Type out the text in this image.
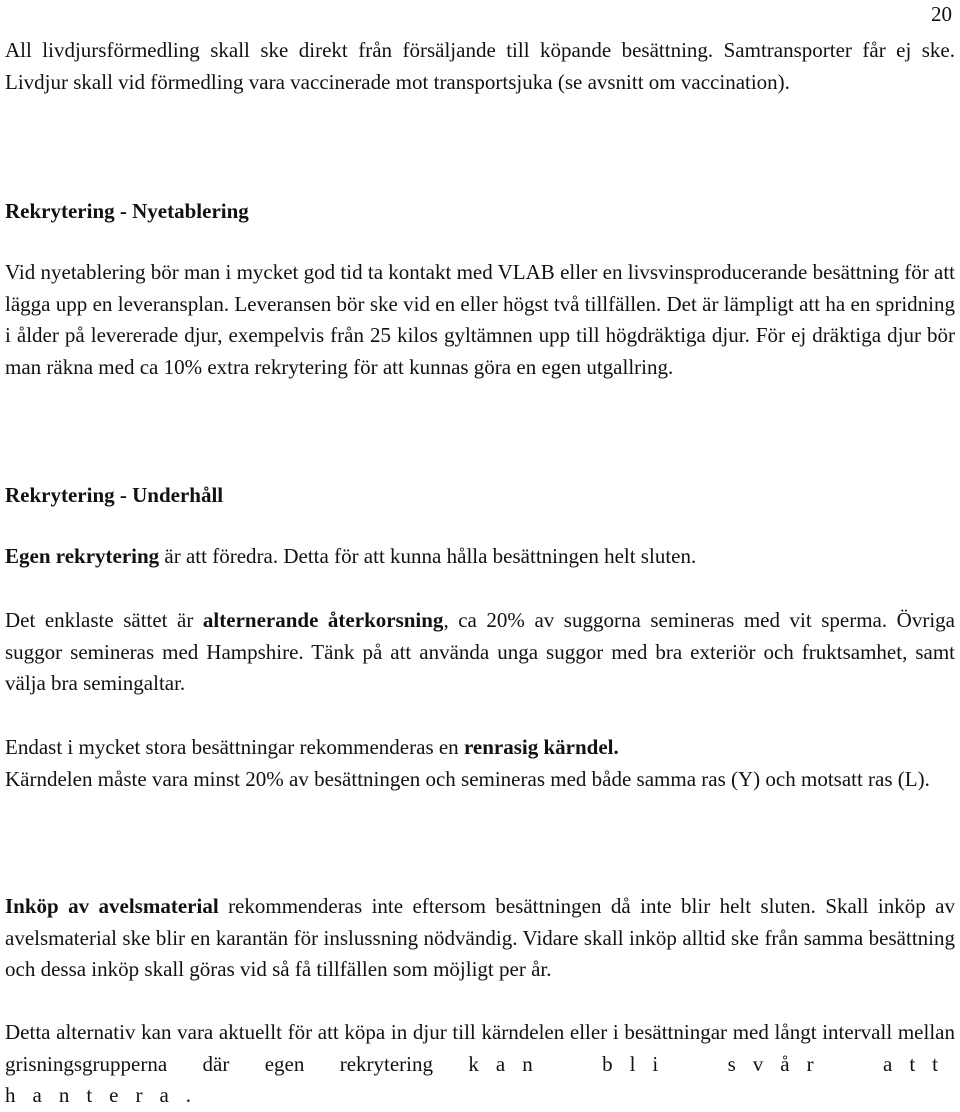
20

All livdjursförmedling skall ske direkt från försäljande till köpande besättning. Samtransporter får ej ske. Livdjur skall vid förmedling vara vaccinerade mot transportsjuka (se avsnitt om vaccination).

Rekrytering - Nyetablering

Vid nyetablering bör man i mycket god tid ta kontakt med VLAB eller en livsvinsproducerande besättning för att lägga upp en leveransplan. Leveransen bör ske vid en eller högst två tillfällen. Det är lämpligt att ha en spridning i ålder på levererade djur, exempelvis från 25 kilos gyltämnen upp till högdräktiga djur. För ej dräktiga djur bör man räkna med ca 10% extra rekrytering för att kunnas göra en egen utgallring.

Rekrytering - Underhåll

Egen rekrytering är att föredra. Detta för att kunna hålla besättningen helt sluten.

Det enklaste sättet är alternerande återkorsning, ca 20% av suggorna semineras med vit sperma. Övriga suggor semineras med Hampshire. Tänk på att använda unga suggor med bra exteriör och fruktsamhet, samt välja bra semingaltar.

Endast i mycket stora besättningar rekommenderas en renrasig kärndel.

Kärndelen måste vara minst 20% av besättningen och semineras med både samma ras (Y) och motsatt ras (L).

Inköp av avelsmaterial rekommenderas inte eftersom besättningen då inte blir helt sluten. Skall inköp av avelsmaterial ske blir en karantän för inslussning nödvändig. Vidare skall inköp alltid ske från samma besättning och dessa inköp skall göras vid så få tillfällen som möjligt per år.

Detta alternativ kan vara aktuellt för att köpa in djur till kärndelen eller i besättningar med långt intervall mellan grisningsgrupperna där egen rekrytering kan bli svår att hantera.
